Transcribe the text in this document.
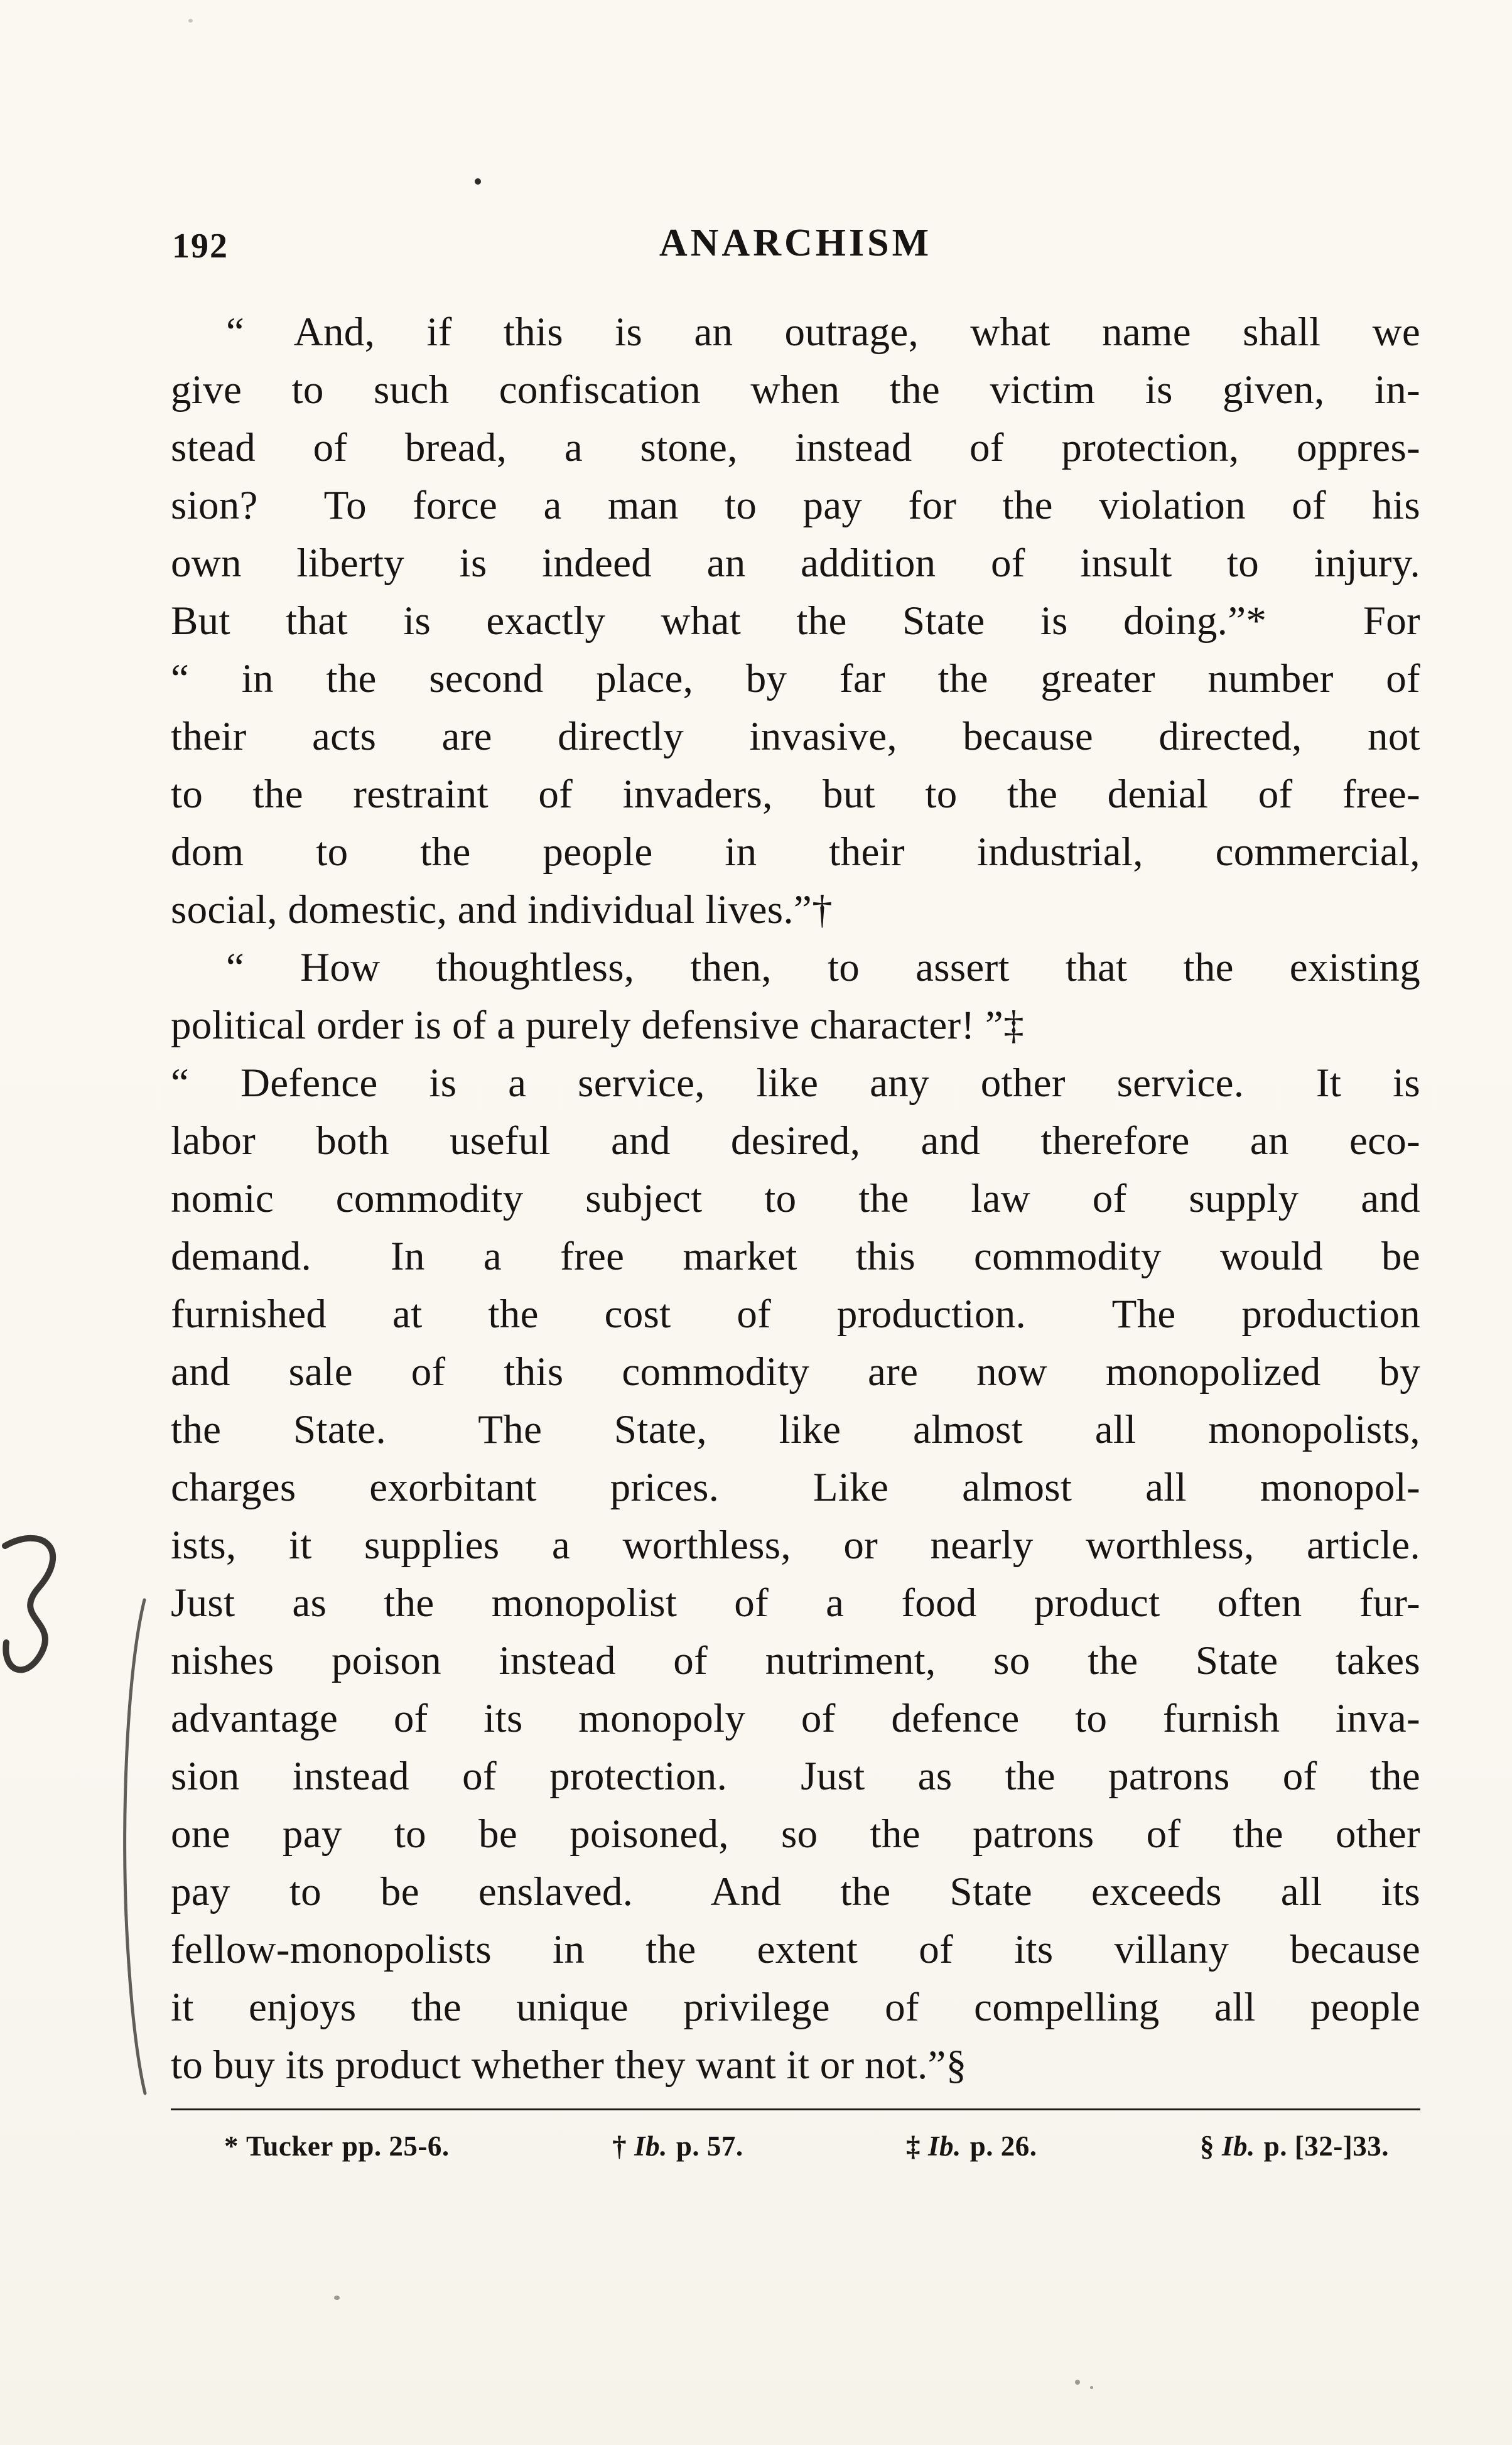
192	ANARCHISM
“ And, if this is an outrage, what name shall we
give to such confiscation when the victim is given, in-
stead of bread, a stone, instead of protection, oppres-
sion?  To force a man to pay for the violation of his
own liberty is indeed an addition of insult to injury.
But that is exactly what the State is doing.”*  For
“ in the second place, by far the greater number of
their acts are directly invasive, because directed, not
to the restraint of invaders, but to the denial of free-
dom to the people in their industrial, commercial,
social, domestic, and individual lives.”†
“ How thoughtless, then, to assert that the existing
political order is of a purely defensive character! ”‡
“ Defence is a service, like any other service.  It is
labor both useful and desired, and therefore an eco-
nomic commodity subject to the law of supply and
demand.  In a free market this commodity would be
furnished at the cost of production.  The production
and sale of this commodity are now monopolized by
the State.  The State, like almost all monopolists,
charges exorbitant prices.  Like almost all monopol-
ists, it supplies a worthless, or nearly worthless, article.
Just as the monopolist of a food product often fur-
nishes poison instead of nutriment, so the State takes
advantage of its monopoly of defence to furnish inva-
sion instead of protection.  Just as the patrons of the
one pay to be poisoned, so the patrons of the other
pay to be enslaved.  And the State exceeds all its
fellow-monopolists in the extent of its villany because
it enjoys the unique privilege of compelling all people
to buy its product whether they want it or not.”§
* Tucker pp. 25-6.	† Ib. p. 57.	‡ Ib. p. 26.	§ Ib. p. [32-]33.
